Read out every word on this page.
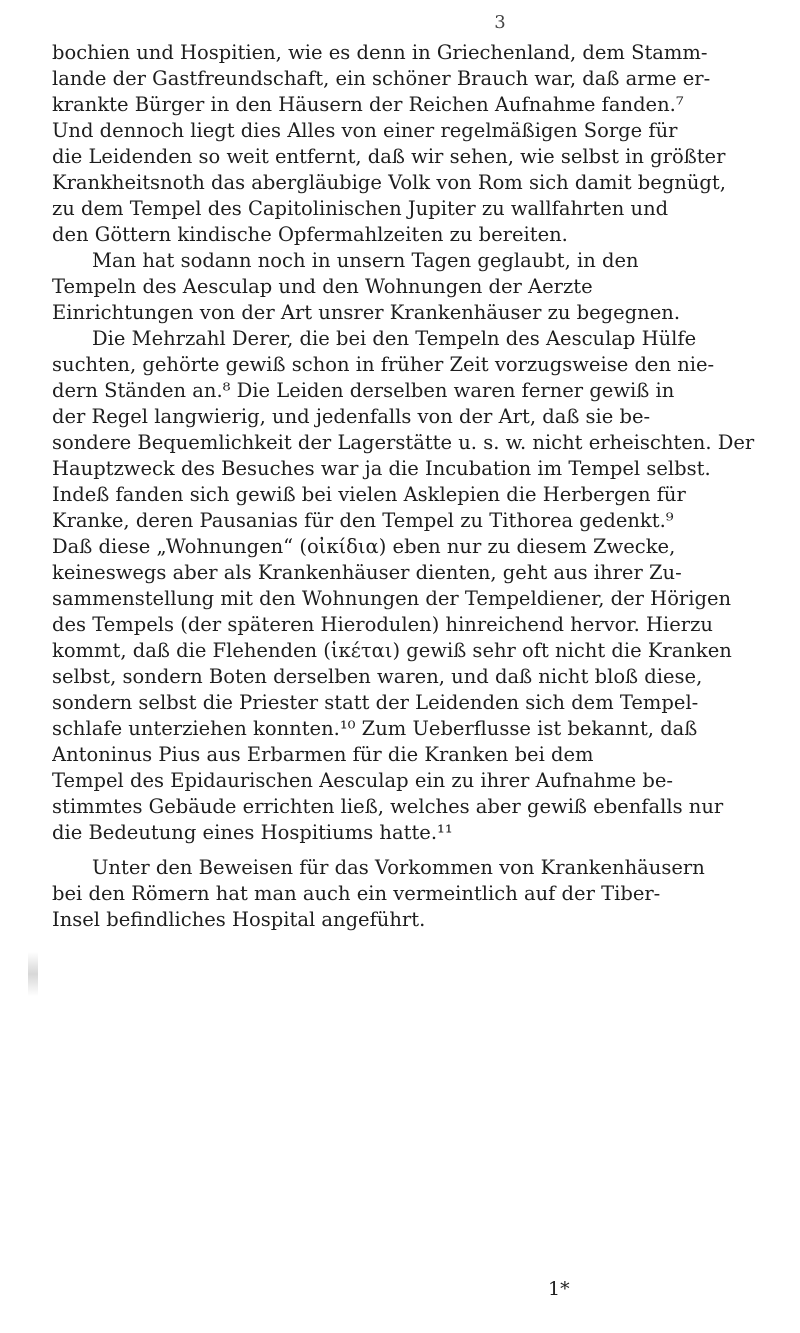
3
bochien und Hospitien, wie es denn in Griechenland, dem Stamm-
lande der Gastfreundschaft, ein schöner Brauch war, daß arme er-
krankte Bürger in den Häusern der Reichen Aufnahme fanden.⁷
Und dennoch liegt dies Alles von einer regelmäßigen Sorge für
die Leidenden so weit entfernt, daß wir sehen, wie selbst in größter
Krankheitsnoth das abergläubige Volk von Rom sich damit begnügt,
zu dem Tempel des Capitolinischen Jupiter zu wallfahrten und
den Göttern kindische Opfermahlzeiten zu bereiten.
Man hat sodann noch in unsern Tagen geglaubt, in den
Tempeln des Aesculap und den Wohnungen der Aerzte
Einrichtungen von der Art unsrer Krankenhäuser zu begegnen.
Die Mehrzahl Derer, die bei den Tempeln des Aesculap Hülfe
suchten, gehörte gewiß schon in früher Zeit vorzugsweise den nie-
dern Ständen an.⁸ Die Leiden derselben waren ferner gewiß in
der Regel langwierig, und jedenfalls von der Art, daß sie be-
sondere Bequemlichkeit der Lagerstätte u. s. w. nicht erheischten. Der
Hauptzweck des Besuches war ja die Incubation im Tempel selbst.
Indeß fanden sich gewiß bei vielen Asklepien die Herbergen für
Kranke, deren Pausanias für den Tempel zu Tithorea gedenkt.⁹
Daß diese „Wohnungen“ (οἰκίδια) eben nur zu diesem Zwecke,
keineswegs aber als Krankenhäuser dienten, geht aus ihrer Zu-
sammenstellung mit den Wohnungen der Tempeldiener, der Hörigen
des Tempels (der späteren Hierodulen) hinreichend hervor. Hierzu
kommt, daß die Flehenden (ἱκέται) gewiß sehr oft nicht die Kranken
selbst, sondern Boten derselben waren, und daß nicht bloß diese,
sondern selbst die Priester statt der Leidenden sich dem Tempel-
schlafe unterziehen konnten.¹⁰ Zum Ueberflusse ist bekannt, daß
Antoninus Pius aus Erbarmen für die Kranken bei dem
Tempel des Epidaurischen Aesculap ein zu ihrer Aufnahme be-
stimmtes Gebäude errichten ließ, welches aber gewiß ebenfalls nur
die Bedeutung eines Hospitiums hatte.¹¹
Unter den Beweisen für das Vorkommen von Krankenhäusern
bei den Römern hat man auch ein vermeintlich auf der Tiber-
Insel befindliches Hospital angeführt.
1*
